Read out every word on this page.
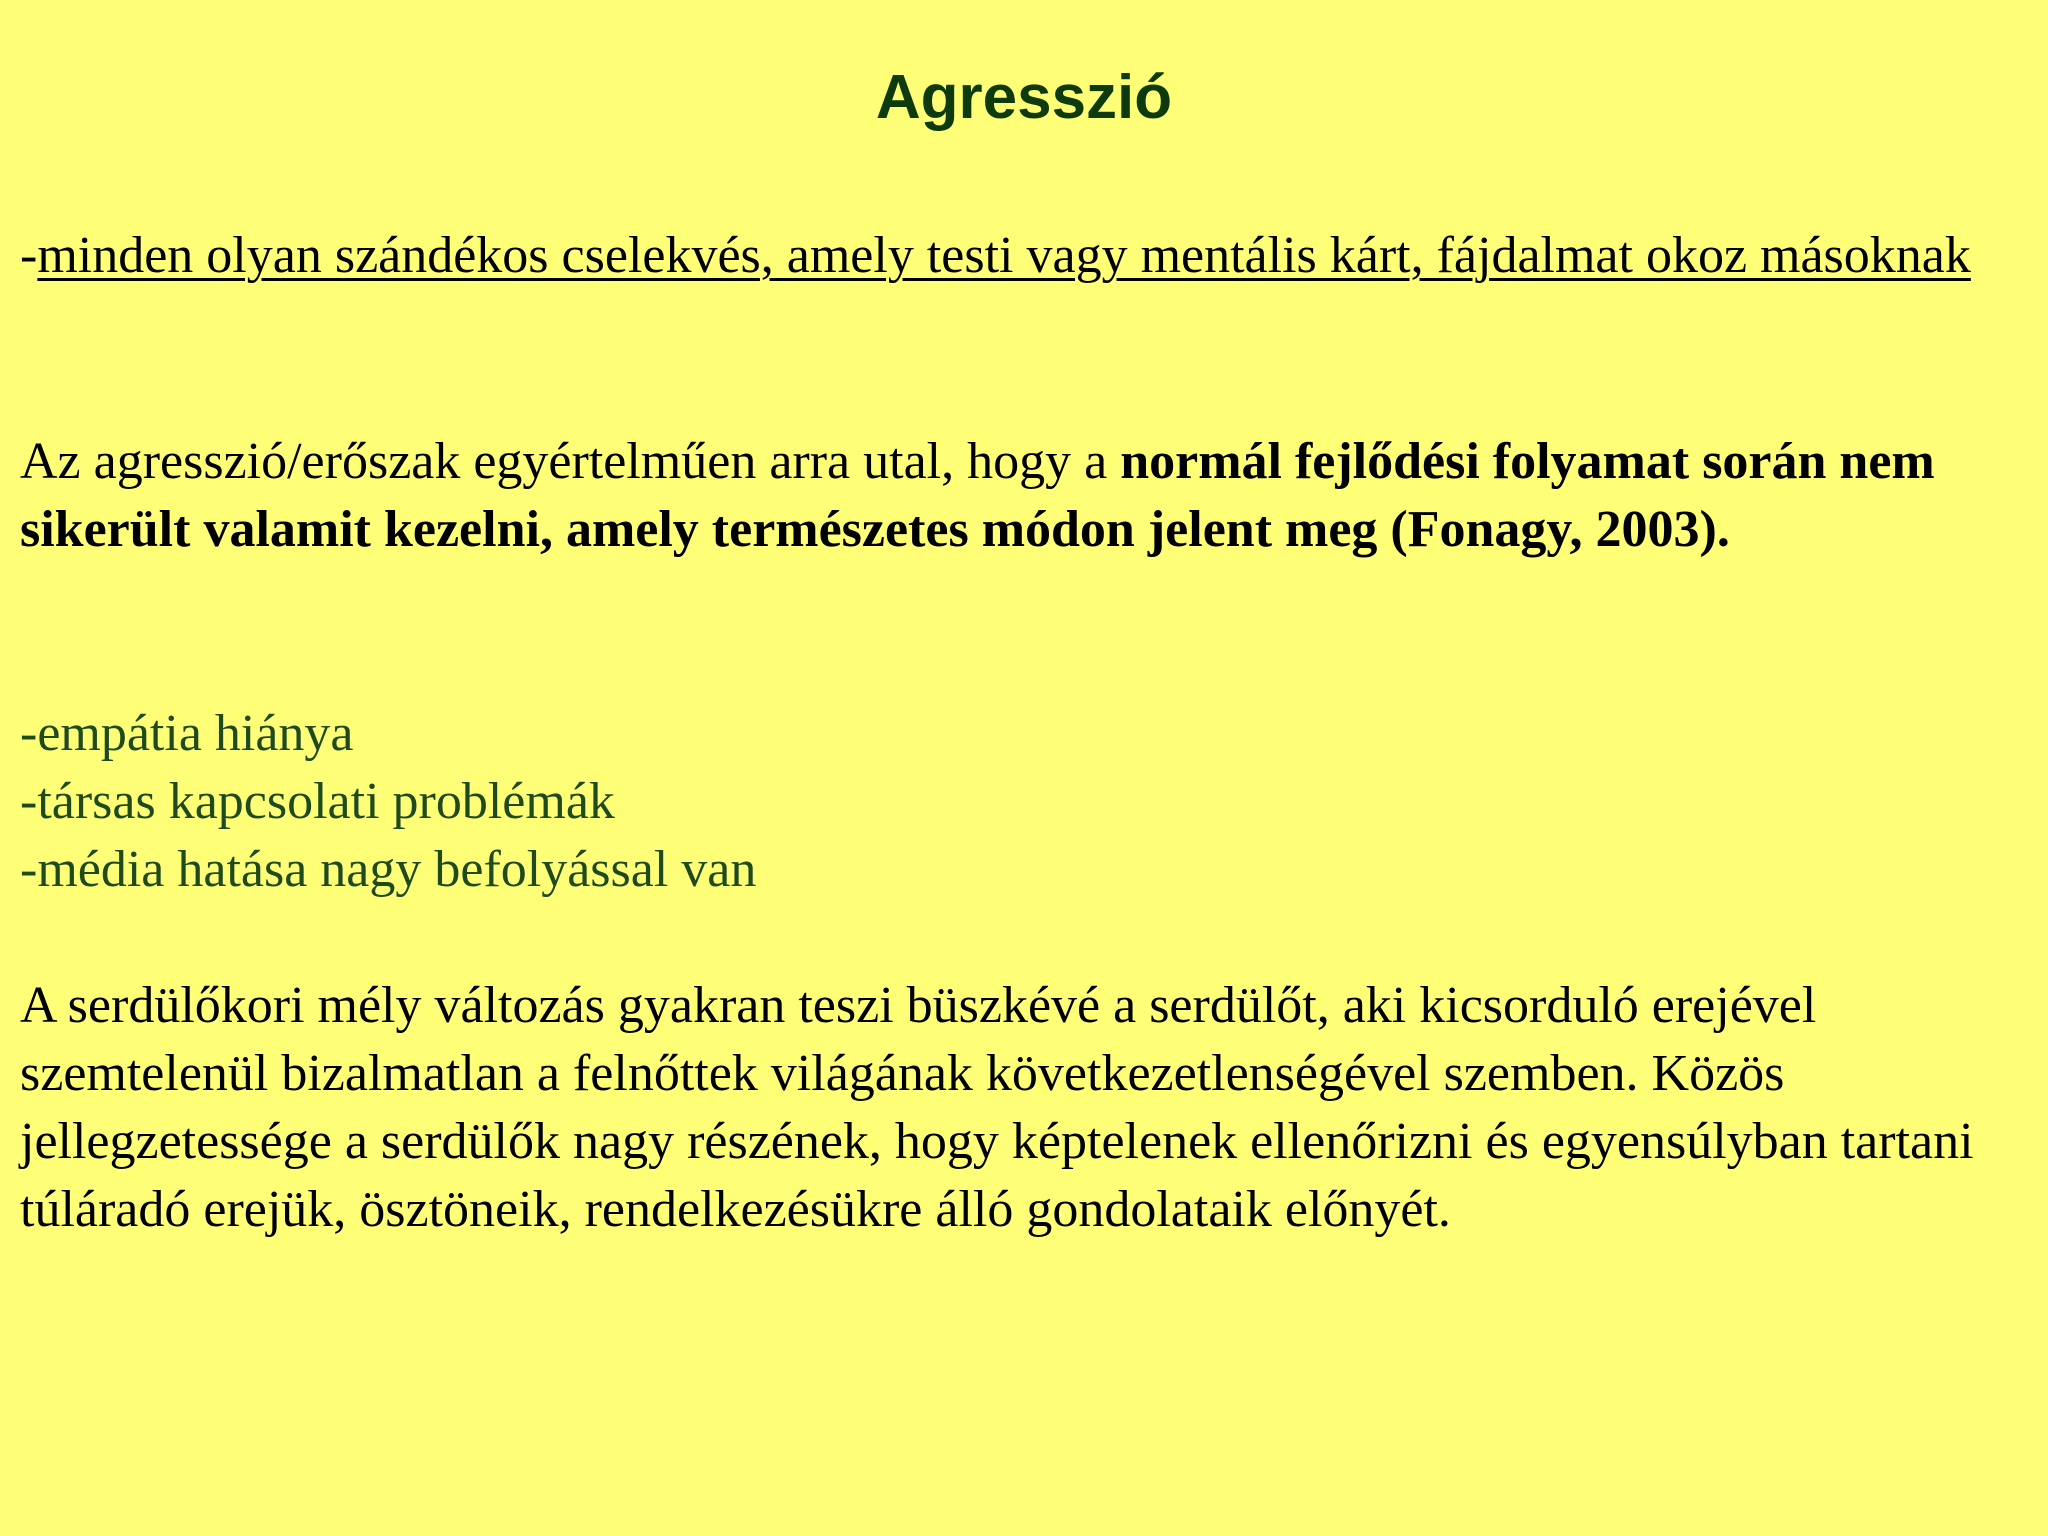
Agresszió
-minden olyan szándékos cselekvés, amely testi vagy mentális kárt, fájdalmat okoz másoknak
Az agresszió/erőszak egyértelműen arra utal, hogy a normál fejlődési folyamat során nem sikerült valamit kezelni, amely természetes módon jelent meg (Fonagy, 2003).
-empátia hiánya
-társas kapcsolati problémák
-média hatása nagy befolyással van
A serdülőkori mély változás gyakran teszi büszkévé a serdülőt, aki kicsorduló erejével szemtelenül bizalmatlan a felnőttek világának következetlenségével szemben. Közös jellegzetessége a serdülők nagy részének, hogy képtelenek ellenőrizni és egyensúlyban tartani túláradó erejük, ösztöneik, rendelkezésükre álló gondolataik előnyét.
